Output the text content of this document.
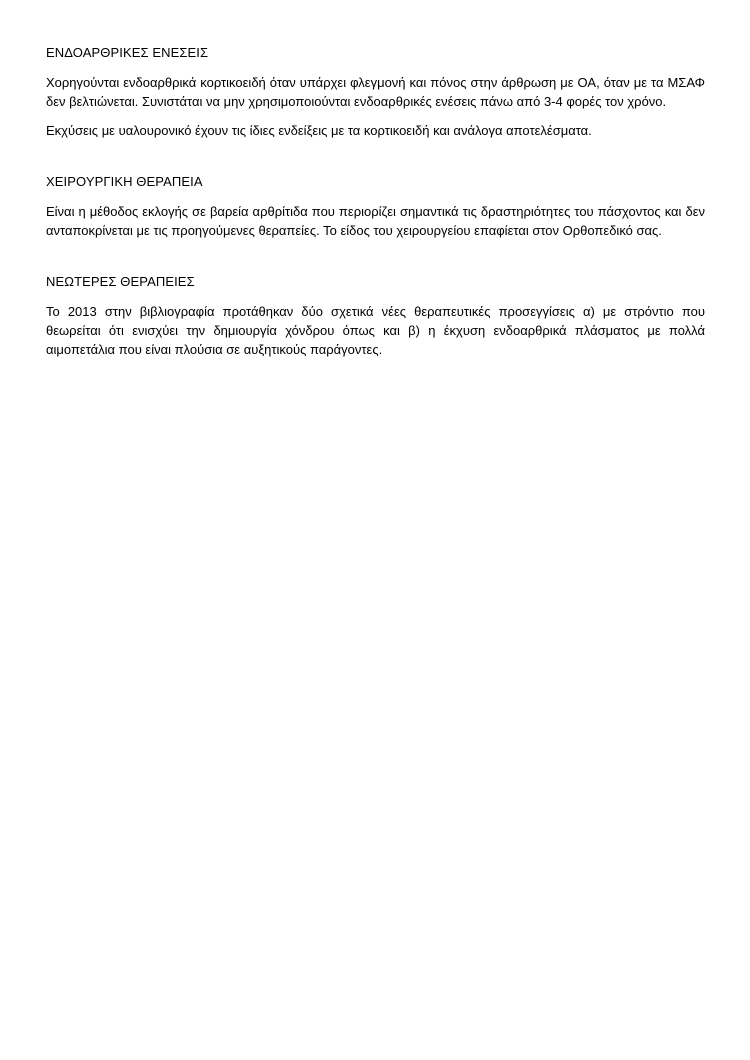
ΕΝΔΟΑΡΘΡΙΚΕΣ ΕΝΕΣΕΙΣ

Χορηγούνται ενδοαρθρικά κορτικοειδή όταν υπάρχει φλεγμονή και πόνος στην άρθρωση με ΟΑ, όταν με τα ΜΣΑΦ δεν βελτιώνεται. Συνιστάται να μην χρησιμοποιούνται ενδοαρθρικές ενέσεις πάνω από 3-4 φορές τον χρόνο.

Εκχύσεις με υαλουρονικό έχουν τις ίδιες ενδείξεις με τα κορτικοειδή και ανάλογα αποτελέσματα.

ΧΕΙΡΟΥΡΓΙΚΗ ΘΕΡΑΠΕΙΑ

Είναι η μέθοδος εκλογής σε βαρεία αρθρίτιδα που περιορίζει σημαντικά τις δραστηριότητες του πάσχοντος και δεν ανταποκρίνεται με τις προηγούμενες θεραπείες. Το είδος του χειρουργείου επαφίεται στον Ορθοπεδικό σας.

ΝΕΩΤΕΡΕΣ ΘΕΡΑΠΕΙΕΣ

Το 2013 στην βιβλιογραφία προτάθηκαν δύο σχετικά νέες θεραπευτικές προσεγγίσεις α) με στρόντιο που θεωρείται ότι ενισχύει την δημιουργία χόνδρου όπως και β) η έκχυση ενδοαρθρικά πλάσματος με πολλά αιμοπετάλια που είναι πλούσια σε αυξητικούς παράγοντες.
